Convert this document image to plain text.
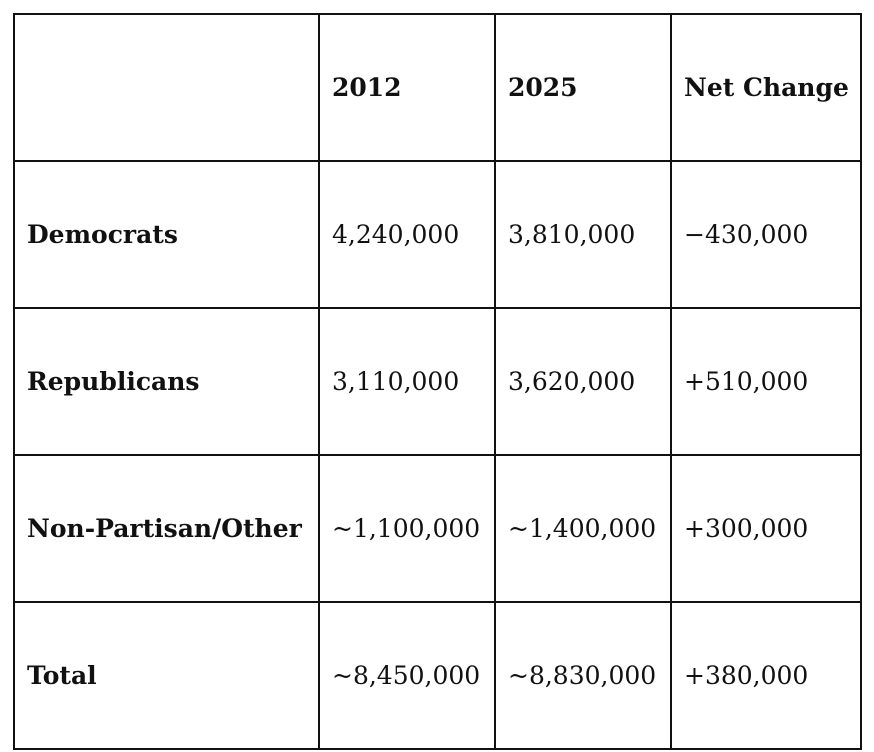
	2012	2025	Net Change
Democrats	4,240,000	3,810,000	−430,000
Republicans	3,110,000	3,620,000	+510,000
Non-Partisan/Other	~1,100,000	~1,400,000	+300,000
Total	~8,450,000	~8,830,000	+380,000
